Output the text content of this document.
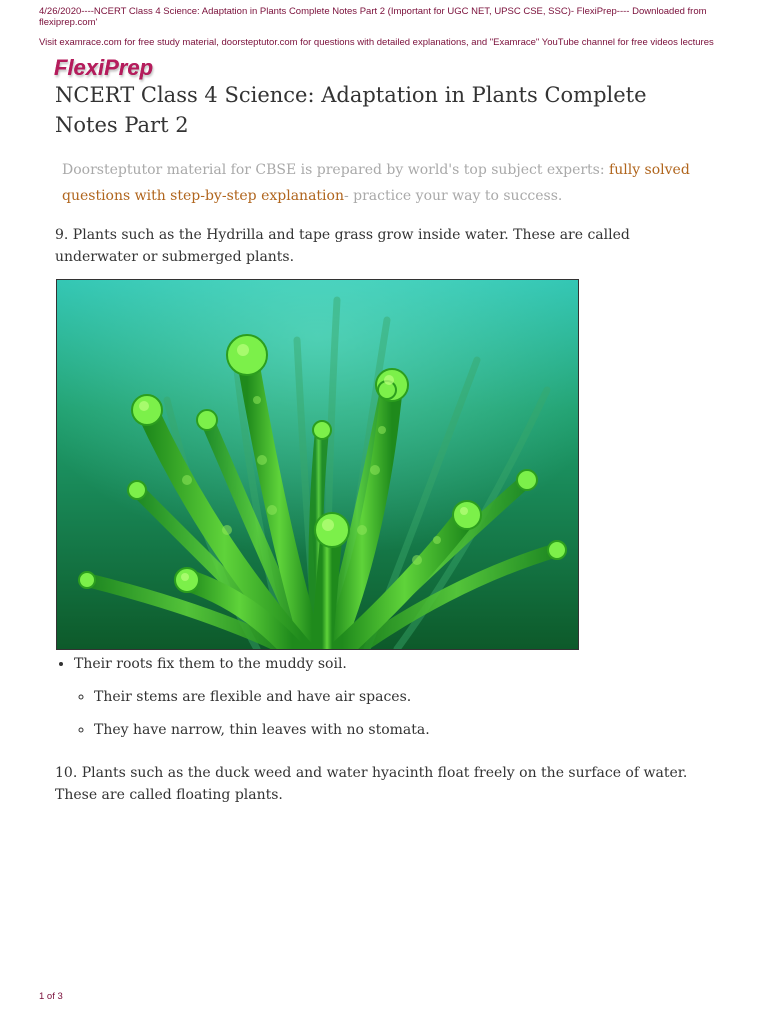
4/26/2020----NCERT Class 4 Science: Adaptation in Plants Complete Notes Part 2 (Important for UGC NET, UPSC CSE, SSC)- FlexiPrep---- Downloaded from flexiprep.com'
Visit examrace.com for free study material, doorsteptutor.com for questions with detailed explanations, and "Examrace" YouTube channel for free videos lectures
FlexiPrep
NCERT Class 4 Science: Adaptation in Plants Complete Notes Part 2

Doorsteptutor material for CBSE is prepared by world's top subject experts: fully solved questions with step-by-step explanation- practice your way to success.

9. Plants such as the Hydrilla and tape grass grow inside water. These are called underwater or submerged plants.

• Their roots fix them to the muddy soil.
◦ Their stems are flexible and have air spaces.
◦ They have narrow, thin leaves with no stomata.

10. Plants such as the duck weed and water hyacinth float freely on the surface of water. These are called floating plants.

1 of 3
